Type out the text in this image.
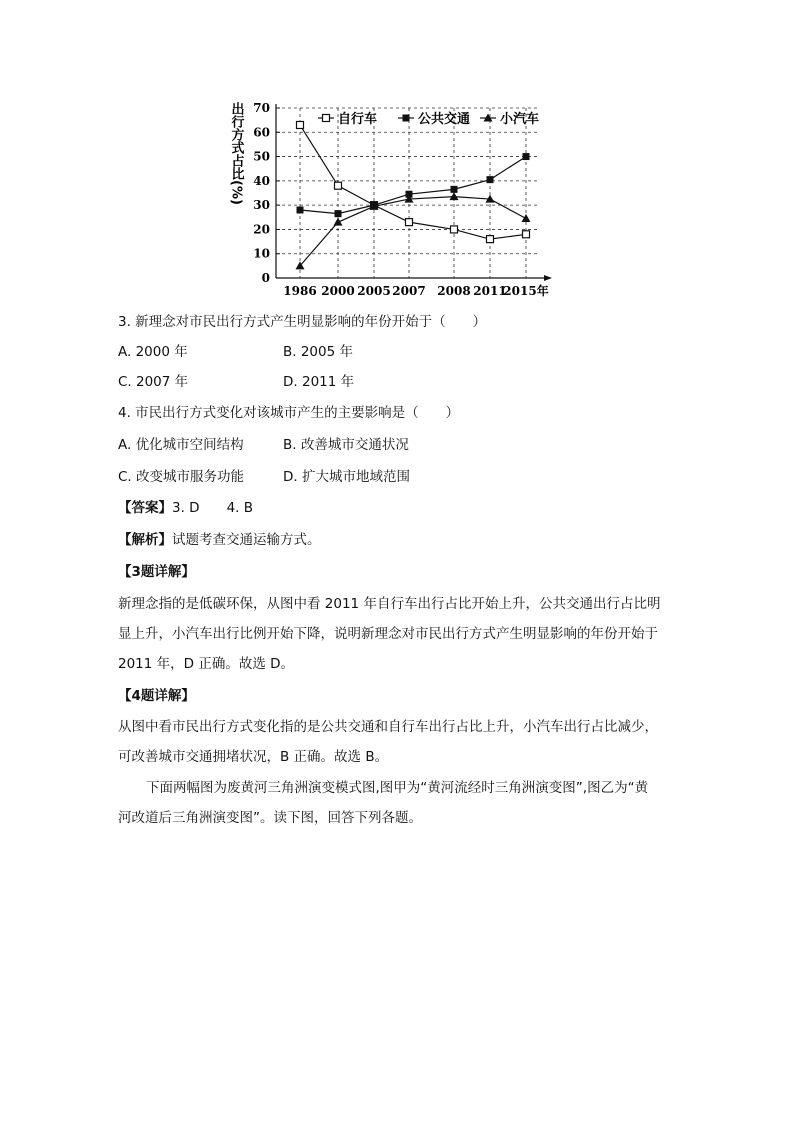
出行方式占比(%)
0
10
20
30
40
50
60
70
1986 2000 2005 2007 2008 2011
2015年
自行车	公共交通 小汽车
3. 新理念对市民出行方式产生明显影响的年份开始于（　　）
A. 2000 年	B. 2005 年
C. 2007 年	D. 2011 年
4. 市民出行方式变化对该城市产生的主要影响是（　　）
A. 优化城市空间结构	B. 改善城市交通状况
C. 改变城市服务功能	D. 扩大城市地域范围
【答案】3. D　　4. B
【解析】试题考查交通运输方式。
【3题详解】
新理念指的是低碳环保，从图中看 2011 年自行车出行占比开始上升，公共交通出行占比明
显上升，小汽车出行比例开始下降，说明新理念对市民出行方式产生明显影响的年份开始于
2011 年，D 正确。故选 D。
【4题详解】
从图中看市民出行方式变化指的是公共交通和自行车出行占比上升，小汽车出行占比减少，
可改善城市交通拥堵状况，B 正确。故选 B。
下面两幅图为废黄河三角洲演变模式图,图甲为“黄河流经时三角洲演变图”,图乙为“黄
河改道后三角洲演变图”。读下图，回答下列各题。
